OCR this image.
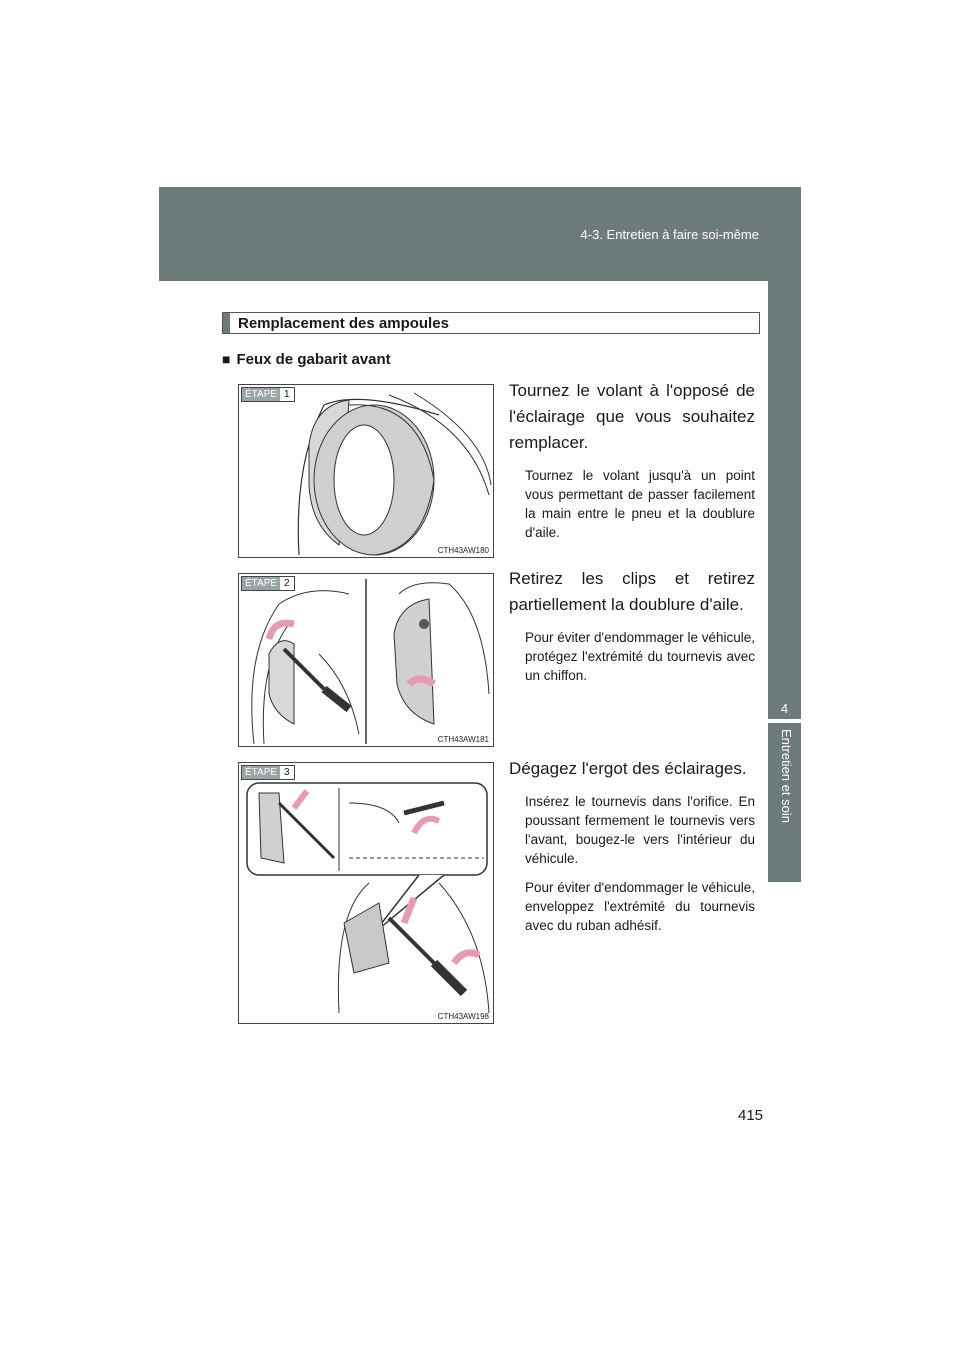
4-3. Entretien à faire soi-même
4
Entretien et soin
Remplacement des ampoules
■ Feux de gabarit avant
ÉTAPE 1
CTH43AW180
Tournez le volant à l'opposé de l'éclairage que vous souhaitez remplacer.
Tournez le volant jusqu'à un point vous permettant de passer facilement la main entre le pneu et la doublure d'aile.
ÉTAPE 2
CTH43AW181
Retirez les clips et retirez partiellement la doublure d'aile.
Pour éviter d'endommager le véhicule, protégez l'extrémité du tournevis avec un chiffon.
ÉTAPE 3
CTH43AW198
Dégagez l'ergot des éclairages.
Insérez le tournevis dans l'orifice. En poussant fermement le tournevis vers l'avant, bougez-le vers l'intérieur du véhicule.
Pour éviter d'endommager le véhicule, enveloppez l'extrémité du tournevis avec du ruban adhésif.
415
